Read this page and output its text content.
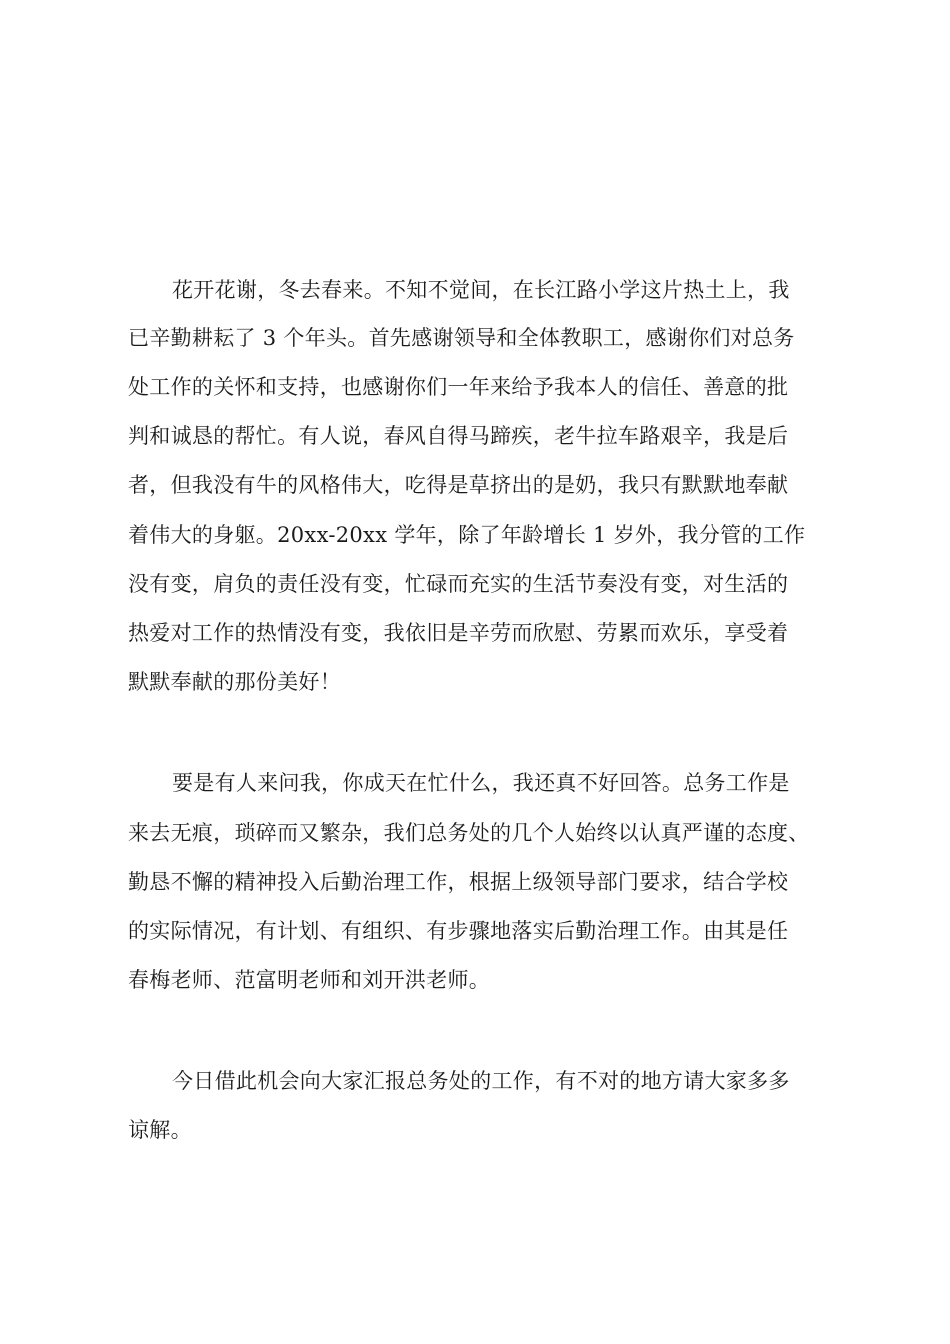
花开花谢，冬去春来。不知不觉间，在长江路小学这片热土上，我
已辛勤耕耘了 3 个年头。首先感谢领导和全体教职工，感谢你们对总务
处工作的关怀和支持，也感谢你们一年来给予我本人的信任、善意的批
判和诚恳的帮忙。有人说，春风自得马蹄疾，老牛拉车路艰辛，我是后
者，但我没有牛的风格伟大，吃得是草挤出的是奶，我只有默默地奉献
着伟大的身躯。20xx-20xx 学年，除了年龄增长 1 岁外，我分管的工作
没有变，肩负的责任没有变，忙碌而充实的生活节奏没有变，对生活的
热爱对工作的热情没有变，我依旧是辛劳而欣慰、劳累而欢乐，享受着
默默奉献的那份美好！
要是有人来问我，你成天在忙什么，我还真不好回答。总务工作是
来去无痕，琐碎而又繁杂，我们总务处的几个人始终以认真严谨的态度、
勤恳不懈的精神投入后勤治理工作，根据上级领导部门要求，结合学校
的实际情况，有计划、有组织、有步骤地落实后勤治理工作。由其是任
春梅老师、范富明老师和刘开洪老师。
今日借此机会向大家汇报总务处的工作，有不对的地方请大家多多
谅解。
